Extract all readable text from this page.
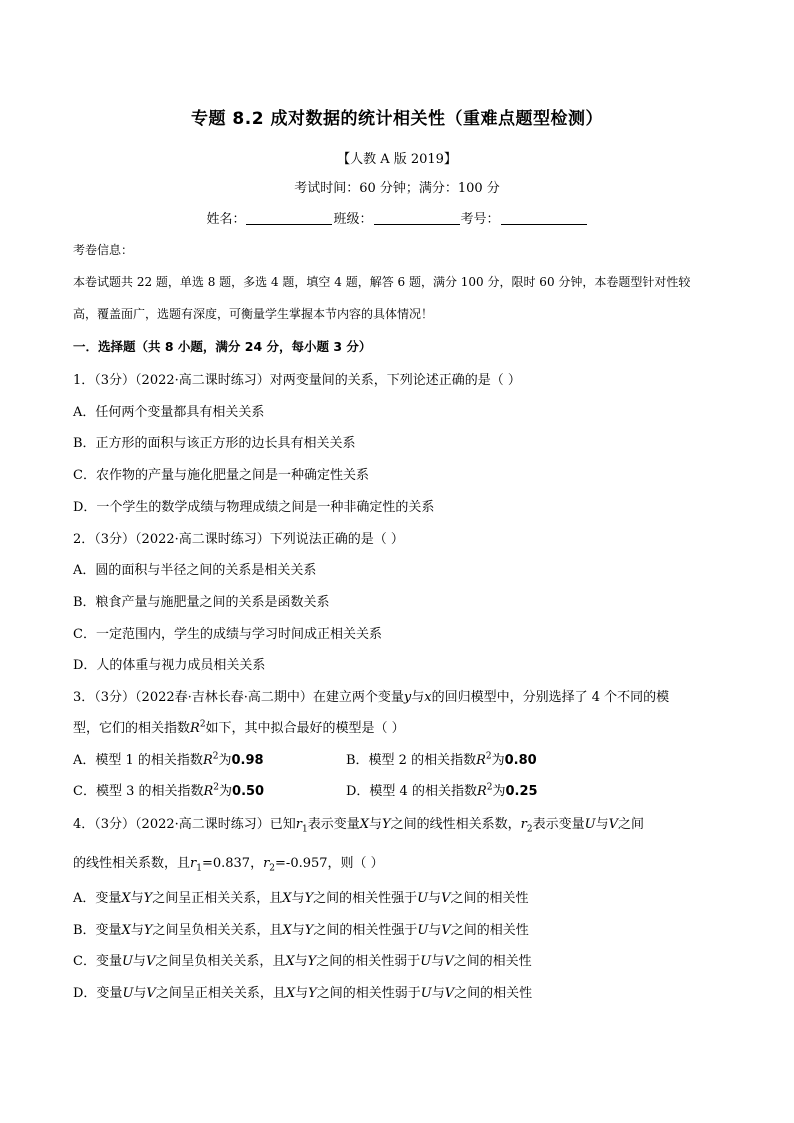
专题 8.2 成对数据的统计相关性（重难点题型检测）
【人教 A 版 2019】
考试时间：60 分钟；满分：100 分
姓名：	班级：	考号：
考卷信息：
本卷试题共 22 题，单选 8 题，多选 4 题，填空 4 题，解答 6 题，满分 100 分，限时 60 分钟，本卷题型针对性较
高，覆盖面广，选题有深度，可衡量学生掌握本节内容的具体情况！
一．选择题（共 8 小题，满分 24 分，每小题 3 分）
1．（3分）（2022·高二课时练习）对两变量间的关系，下列论述正确的是（ ）
A．任何两个变量都具有相关关系
B．正方形的面积与该正方形的边长具有相关关系
C．农作物的产量与施化肥量之间是一种确定性关系
D．一个学生的数学成绩与物理成绩之间是一种非确定性的关系
2．（3分）（2022·高二课时练习）下列说法正确的是（ ）
A．圆的面积与半径之间的关系是相关关系
B．粮食产量与施肥量之间的关系是函数关系
C．一定范围内，学生的成绩与学习时间成正相关关系
D．人的体重与视力成员相关关系
3．（3分）（2022春·吉林长春·高二期中）在建立两个变量y与x的回归模型中，分别选择了 4 个不同的模
型，它们的相关指数$R^2$如下，其中拟合最好的模型是（ ）
A．模型 1 的相关指数$R^2$为0.98	B．模型 2 的相关指数$R^2$为0.80
C．模型 3 的相关指数$R^2$为0.50	D．模型 4 的相关指数$R^2$为0.25
4．（3分）（2022·高二课时练习）已知$r_1$表示变量X与Y之间的线性相关系数，$r_2$表示变量U与V之间
的线性相关系数，且$r_1=0.837$，$r_2=-0.957$，则（ ）
A．变量X与Y之间呈正相关关系，且X与Y之间的相关性强于U与V之间的相关性
B．变量X与Y之间呈负相关关系，且X与Y之间的相关性强于U与V之间的相关性
C．变量U与V之间呈负相关关系，且X与Y之间的相关性弱于U与V之间的相关性
D．变量U与V之间呈正相关关系，且X与Y之间的相关性弱于U与V之间的相关性
